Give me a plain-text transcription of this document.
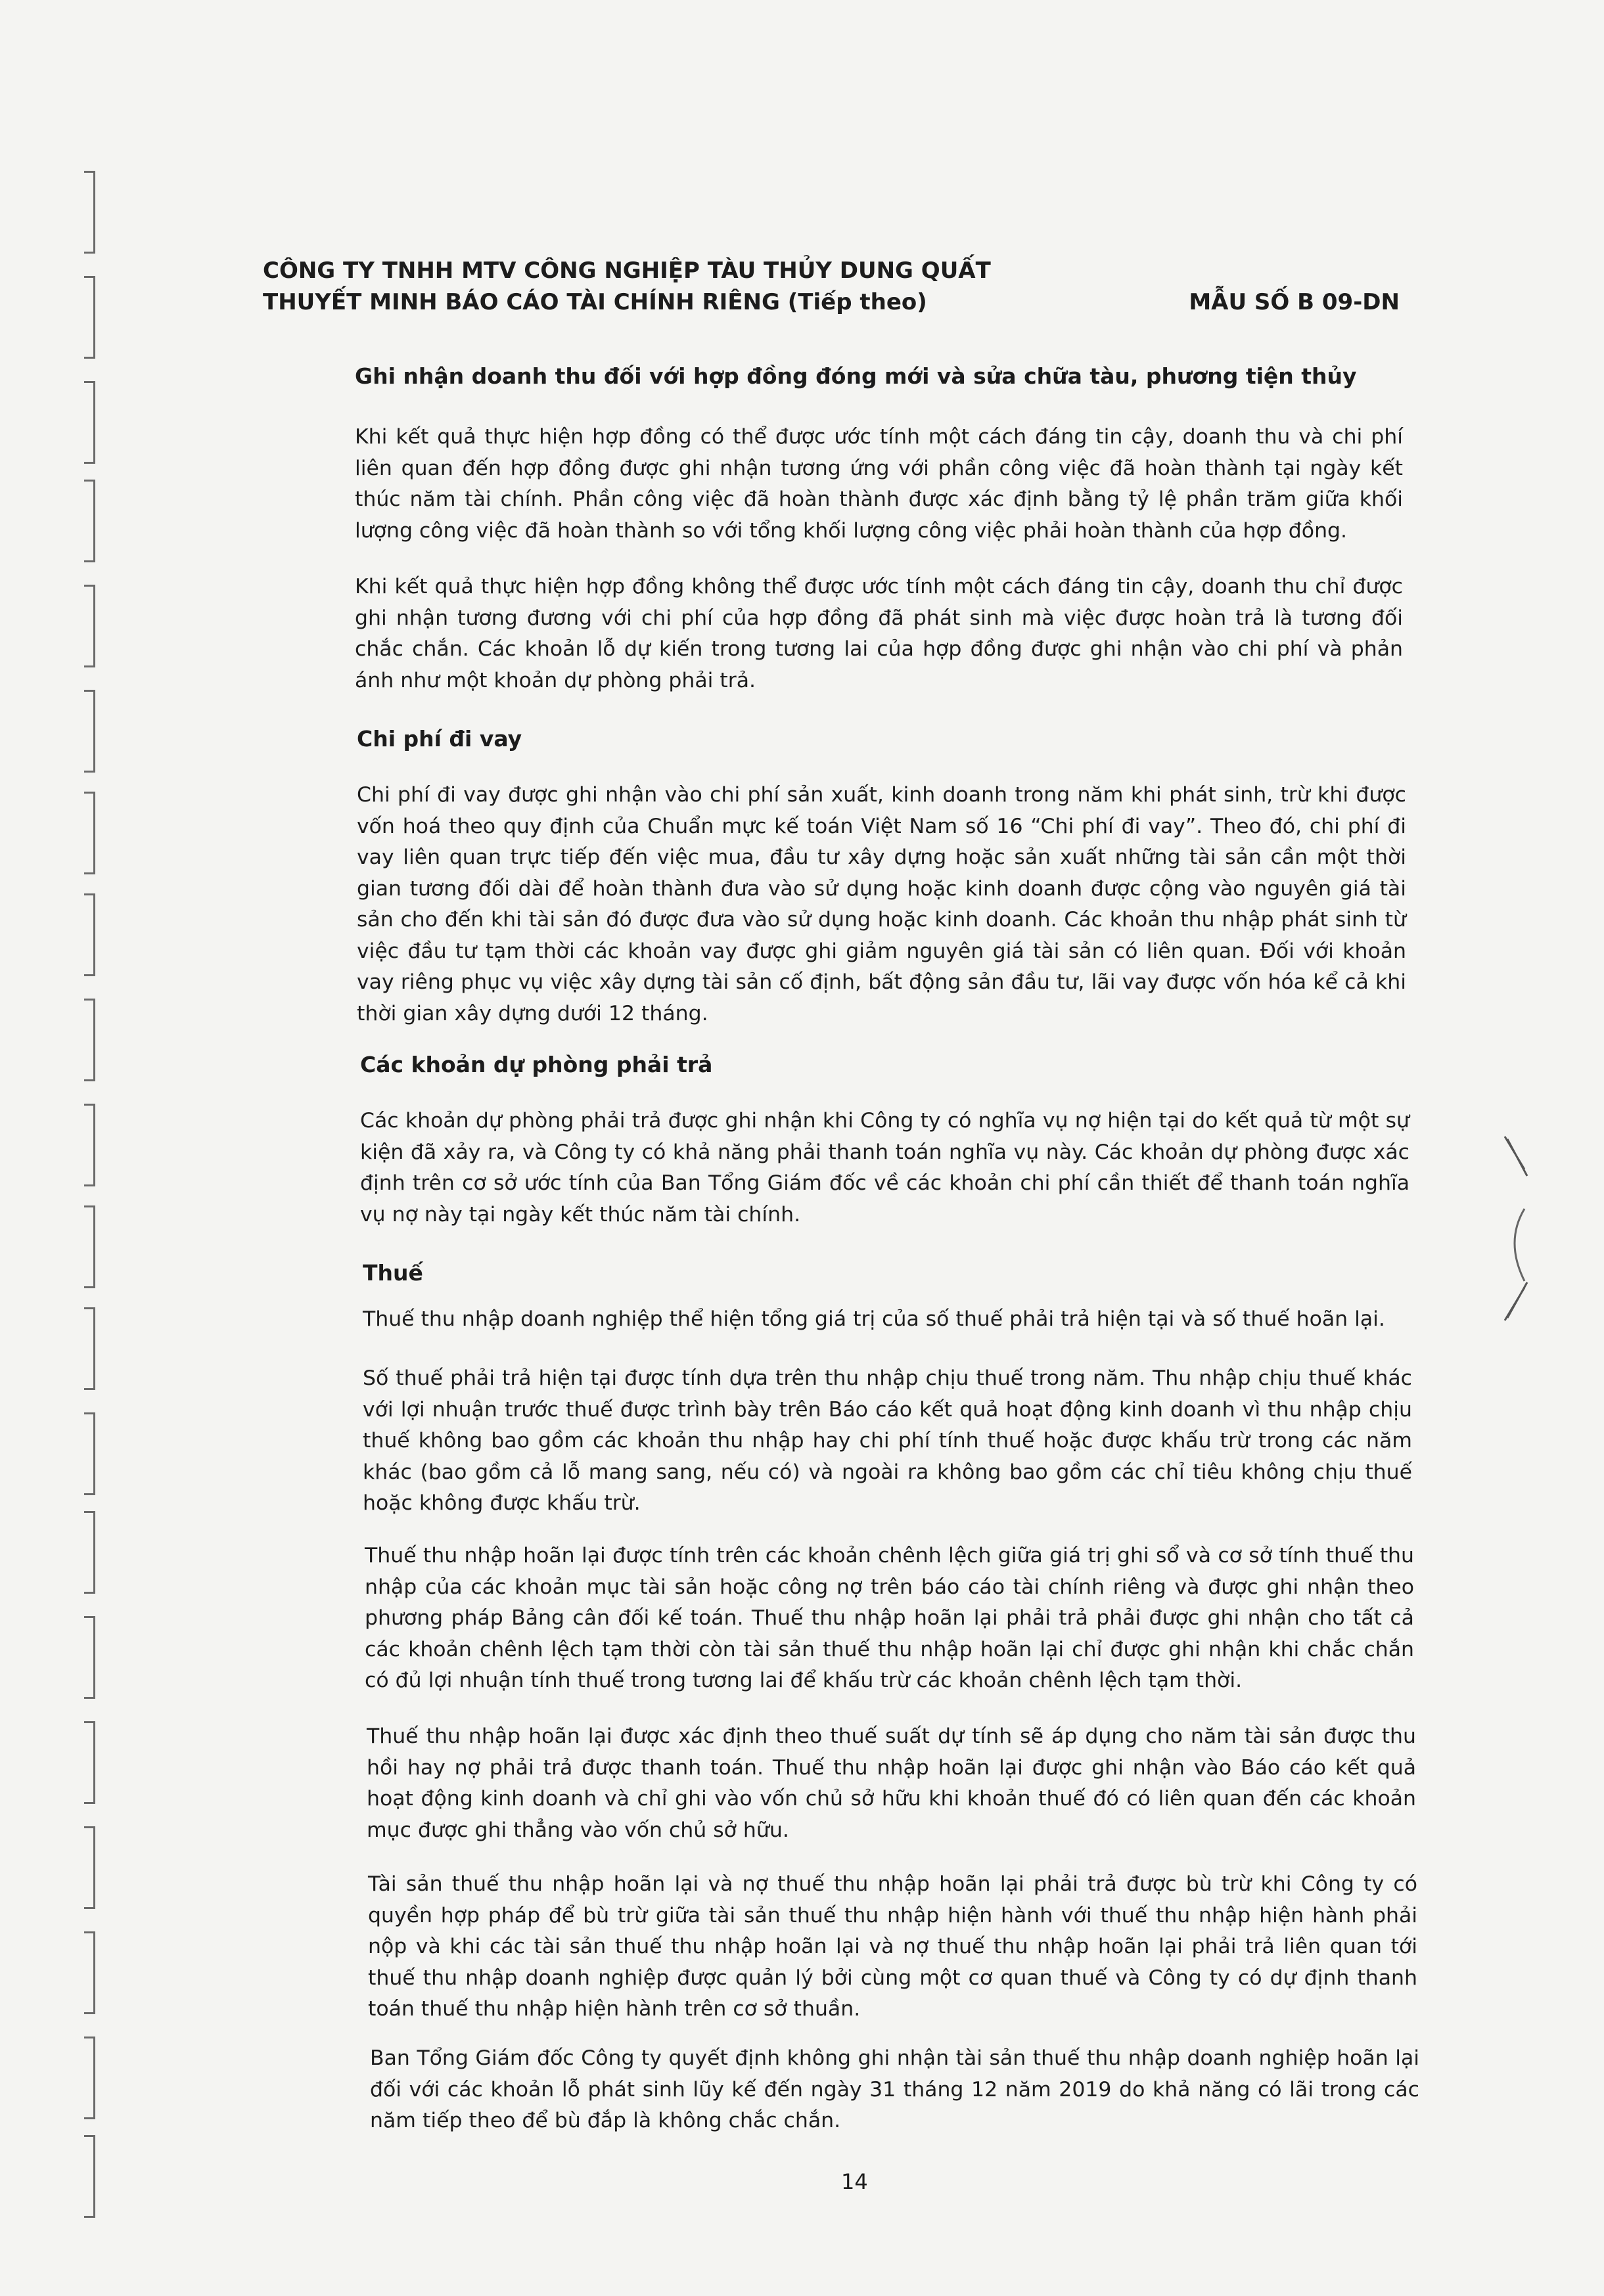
CÔNG TY TNHH MTV CÔNG NGHIỆP TÀU THỦY DUNG QUẤT
THUYẾT MINH BÁO CÁO TÀI CHÍNH RIÊNG (Tiếp theo)	MẪU SỐ B 09-DN
Ghi nhận doanh thu đối với hợp đồng đóng mới và sửa chữa tàu, phương tiện thủy
Khi kết quả thực hiện hợp đồng có thể được ước tính một cách đáng tin cậy, doanh thu và chi phí liên quan đến hợp đồng được ghi nhận tương ứng với phần công việc đã hoàn thành tại ngày kết thúc năm tài chính. Phần công việc đã hoàn thành được xác định bằng tỷ lệ phần trăm giữa khối lượng công việc đã hoàn thành so với tổng khối lượng công việc phải hoàn thành của hợp đồng.
Khi kết quả thực hiện hợp đồng không thể được ước tính một cách đáng tin cậy, doanh thu chỉ được ghi nhận tương đương với chi phí của hợp đồng đã phát sinh mà việc được hoàn trả là tương đối chắc chắn. Các khoản lỗ dự kiến trong tương lai của hợp đồng được ghi nhận vào chi phí và phản ánh như một khoản dự phòng phải trả.
Chi phí đi vay
Chi phí đi vay được ghi nhận vào chi phí sản xuất, kinh doanh trong năm khi phát sinh, trừ khi được vốn hoá theo quy định của Chuẩn mực kế toán Việt Nam số 16 “Chi phí đi vay”. Theo đó, chi phí đi vay liên quan trực tiếp đến việc mua, đầu tư xây dựng hoặc sản xuất những tài sản cần một thời gian tương đối dài để hoàn thành đưa vào sử dụng hoặc kinh doanh được cộng vào nguyên giá tài sản cho đến khi tài sản đó được đưa vào sử dụng hoặc kinh doanh. Các khoản thu nhập phát sinh từ việc đầu tư tạm thời các khoản vay được ghi giảm nguyên giá tài sản có liên quan. Đối với khoản vay riêng phục vụ việc xây dựng tài sản cố định, bất động sản đầu tư, lãi vay được vốn hóa kể cả khi thời gian xây dựng dưới 12 tháng.
Các khoản dự phòng phải trả
Các khoản dự phòng phải trả được ghi nhận khi Công ty có nghĩa vụ nợ hiện tại do kết quả từ một sự kiện đã xảy ra, và Công ty có khả năng phải thanh toán nghĩa vụ này. Các khoản dự phòng được xác định trên cơ sở ước tính của Ban Tổng Giám đốc về các khoản chi phí cần thiết để thanh toán nghĩa vụ nợ này tại ngày kết thúc năm tài chính.
Thuế
Thuế thu nhập doanh nghiệp thể hiện tổng giá trị của số thuế phải trả hiện tại và số thuế hoãn lại.
Số thuế phải trả hiện tại được tính dựa trên thu nhập chịu thuế trong năm. Thu nhập chịu thuế khác với lợi nhuận trước thuế được trình bày trên Báo cáo kết quả hoạt động kinh doanh vì thu nhập chịu thuế không bao gồm các khoản thu nhập hay chi phí tính thuế hoặc được khấu trừ trong các năm khác (bao gồm cả lỗ mang sang, nếu có) và ngoài ra không bao gồm các chỉ tiêu không chịu thuế hoặc không được khấu trừ.
Thuế thu nhập hoãn lại được tính trên các khoản chênh lệch giữa giá trị ghi sổ và cơ sở tính thuế thu nhập của các khoản mục tài sản hoặc công nợ trên báo cáo tài chính riêng và được ghi nhận theo phương pháp Bảng cân đối kế toán. Thuế thu nhập hoãn lại phải trả phải được ghi nhận cho tất cả các khoản chênh lệch tạm thời còn tài sản thuế thu nhập hoãn lại chỉ được ghi nhận khi chắc chắn có đủ lợi nhuận tính thuế trong tương lai để khấu trừ các khoản chênh lệch tạm thời.
Thuế thu nhập hoãn lại được xác định theo thuế suất dự tính sẽ áp dụng cho năm tài sản được thu hồi hay nợ phải trả được thanh toán. Thuế thu nhập hoãn lại được ghi nhận vào Báo cáo kết quả hoạt động kinh doanh và chỉ ghi vào vốn chủ sở hữu khi khoản thuế đó có liên quan đến các khoản mục được ghi thẳng vào vốn chủ sở hữu.
Tài sản thuế thu nhập hoãn lại và nợ thuế thu nhập hoãn lại phải trả được bù trừ khi Công ty có quyền hợp pháp để bù trừ giữa tài sản thuế thu nhập hiện hành với thuế thu nhập hiện hành phải nộp và khi các tài sản thuế thu nhập hoãn lại và nợ thuế thu nhập hoãn lại phải trả liên quan tới thuế thu nhập doanh nghiệp được quản lý bởi cùng một cơ quan thuế và Công ty có dự định thanh toán thuế thu nhập hiện hành trên cơ sở thuần.
Ban Tổng Giám đốc Công ty quyết định không ghi nhận tài sản thuế thu nhập doanh nghiệp hoãn lại đối với các khoản lỗ phát sinh lũy kế đến ngày 31 tháng 12 năm 2019 do khả năng có lãi trong các năm tiếp theo để bù đắp là không chắc chắn.
14
